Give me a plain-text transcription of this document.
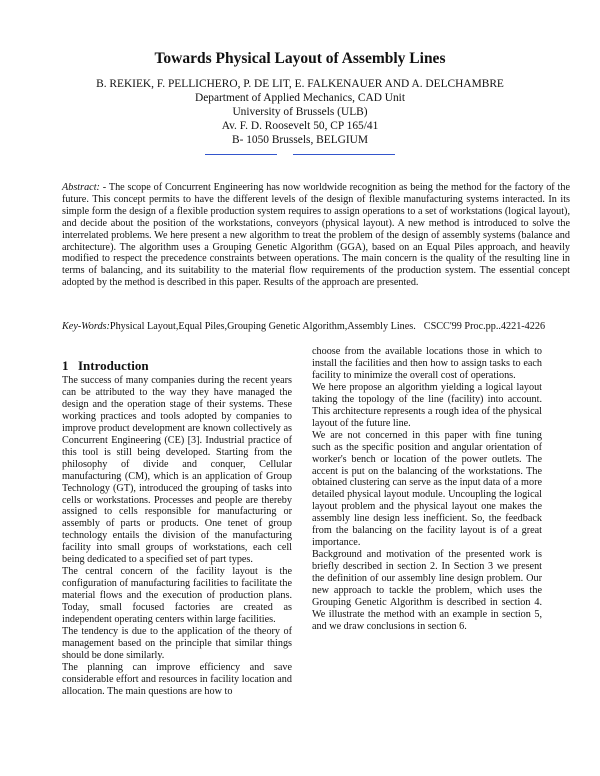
Towards Physical Layout of Assembly Lines
B. REKIEK, F. PELLICHERO, P. DE LIT, E. FALKENAUER AND A. DELCHAMBRE
Department of Applied Mechanics, CAD Unit
University of Brussels (ULB)
Av. F. D. Roosevelt 50, CP 165/41
B- 1050 Brussels, BELGIUM

Abstract: - The scope of Concurrent Engineering has now worldwide recognition as being the method for the factory of the future. This concept permits to have the different levels of the design of flexible manufacturing systems interacted. In its simple form the design of a flexible production system requires to assign operations to a set of workstations (logical layout), and decide about the position of the workstations, conveyors (physical layout). A new method is introduced to solve the interrelated problems. We here present a new algorithm to treat the problem of the design of assembly systems (balance and architecture). The algorithm uses a Grouping Genetic Algorithm (GGA), based on an Equal Piles approach, and heavily modified to respect the precedence constraints between operations. The main concern is the quality of the resulting line in terms of balancing, and its suitability to the material flow requirements of the production system. The essential concept adopted by the method is described in this paper. Results of the approach are presented.

Key-Words:Physical Layout,Equal Piles,Grouping Genetic Algorithm,Assembly Lines. CSCC'99 Proc.pp..4221-4226

1 Introduction

The success of many companies during the recent years can be attributed to the way they have managed the design and the operation stage of their systems. These working practices and tools adopted by companies to improve product development are known collectively as Concurrent Engineering (CE) [3]. Industrial practice of this tool is still being developed. Starting from the philosophy of divide and conquer, Cellular manufacturing (CM), which is an application of Group Technology (GT), introduced the grouping of tasks into cells or workstations. Processes and people are thereby assigned to cells responsible for manufacturing or assembly of parts or products. One tenet of group technology entails the division of the manufacturing facility into small groups of workstations, each cell being dedicated to a specified set of part types.

The central concern of the facility layout is the configuration of manufacturing facilities to facilitate the material flows and the execution of production plans. Today, small focused factories are created as independent operating centers within large facilities.

The tendency is due to the application of the theory of management based on the principle that similar things should be done similarly.

The planning can improve efficiency and save considerable effort and resources in facility location and allocation. The main questions are how to

choose from the available locations those in which to install the facilities and then how to assign tasks to each facility to minimize the overall cost of operations.

We here propose an algorithm yielding a logical layout taking the topology of the line (facility) into account. This architecture represents a rough idea of the physical layout of the future line.

We are not concerned in this paper with fine tuning such as the specific position and angular orientation of worker's bench or location of the power outlets. The accent is put on the balancing of the workstations. The obtained clustering can serve as the input data of a more detailed physical layout module. Uncoupling the logical layout problem and the physical layout one makes the assembly line design less inefficient. So, the feedback from the balancing on the facility layout is of a great importance.

Background and motivation of the presented work is briefly described in section 2. In Section 3 we present the definition of our assembly line design problem. Our new approach to tackle the problem, which uses the Grouping Genetic Algorithm is described in section 4. We illustrate the method with an example in section 5, and we draw conclusions in section 6.
